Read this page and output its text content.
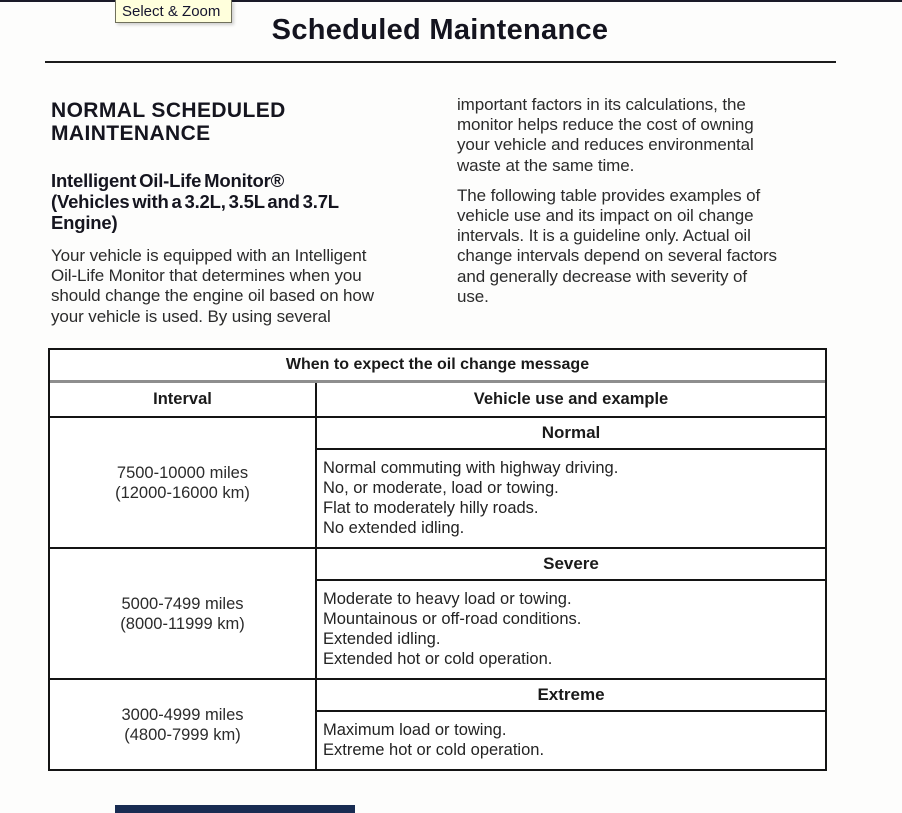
Select & Zoom
Scheduled Maintenance
NORMAL SCHEDULED
MAINTENANCE
Intelligent Oil-Life Monitor®
(Vehicles with a 3.2L, 3.5L and 3.7L
Engine)
Your vehicle is equipped with an Intelligent
Oil-Life Monitor that determines when you
should change the engine oil based on how
your vehicle is used. By using several
important factors in its calculations, the
monitor helps reduce the cost of owning
your vehicle and reduces environmental
waste at the same time.
The following table provides examples of
vehicle use and its impact on oil change
intervals. It is a guideline only. Actual oil
change intervals depend on several factors
and generally decrease with severity of
use.
When to expect the oil change message
Interval	Vehicle use and example
7500-10000 miles
(12000-16000 km)
Normal
Normal commuting with highway driving.
No, or moderate, load or towing.
Flat to moderately hilly roads.
No extended idling.
5000-7499 miles
(8000-11999 km)
Severe
Moderate to heavy load or towing.
Mountainous or off-road conditions.
Extended idling.
Extended hot or cold operation.
3000-4999 miles
(4800-7999 km)
Extreme
Maximum load or towing.
Extreme hot or cold operation.
